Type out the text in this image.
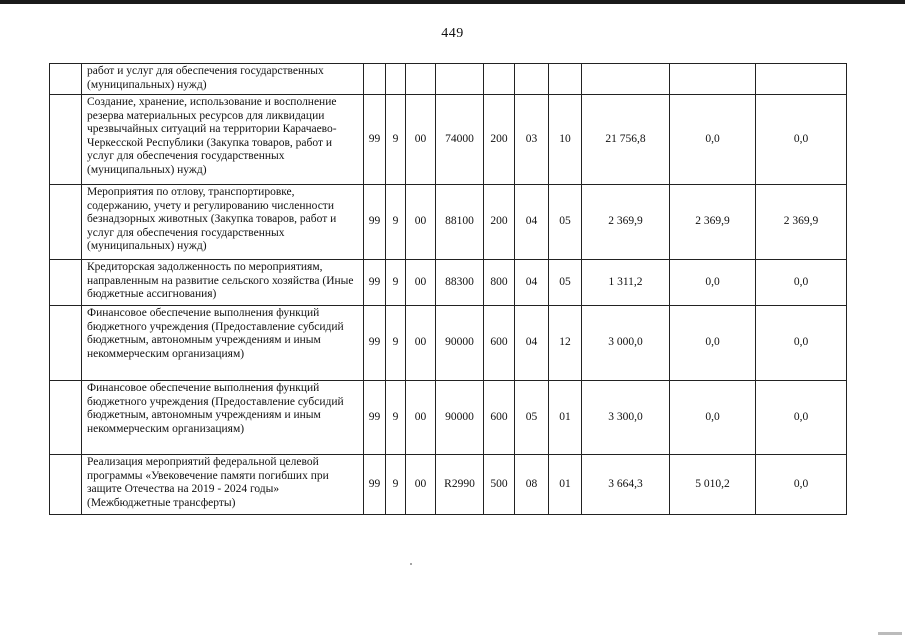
449
	работ и услуг для обеспечения государственных (муниципальных) нужд)										
	Создание, хранение, использование и восполнение резерва материальных ресурсов для ликвидации чрезвычайных ситуаций на территории Карачаево-Черкесской Республики (Закупка товаров, работ и услуг для обеспечения государственных (муниципальных) нужд)	99	9	00	74000	200	03	10	21 756,8	0,0	0,0
	Мероприятия по отлову, транспортировке, содержанию, учету и регулированию численности безнадзорных животных (Закупка товаров, работ и услуг для обеспечения государственных (муниципальных) нужд)	99	9	00	88100	200	04	05	2 369,9	2 369,9	2 369,9
	Кредиторская задолженность по мероприятиям, направленным на развитие сельского хозяйства (Иные бюджетные ассигнования)	99	9	00	88300	800	04	05	1 311,2	0,0	0,0
	Финансовое обеспечение выполнения функций бюджетного учреждения (Предоставление субсидий бюджетным, автономным учреждениям и иным некоммерческим организациям)	99	9	00	90000	600	04	12	3 000,0	0,0	0,0
	Финансовое обеспечение выполнения функций бюджетного учреждения (Предоставление субсидий бюджетным, автономным учреждениям и иным некоммерческим организациям)	99	9	00	90000	600	05	01	3 300,0	0,0	0,0
	Реализация мероприятий федеральной целевой программы «Увековечение памяти погибших при защите Отечества на 2019 - 2024 годы» (Межбюджетные трансферты)	99	9	00	R2990	500	08	01	3 664,3	5 010,2	0,0
